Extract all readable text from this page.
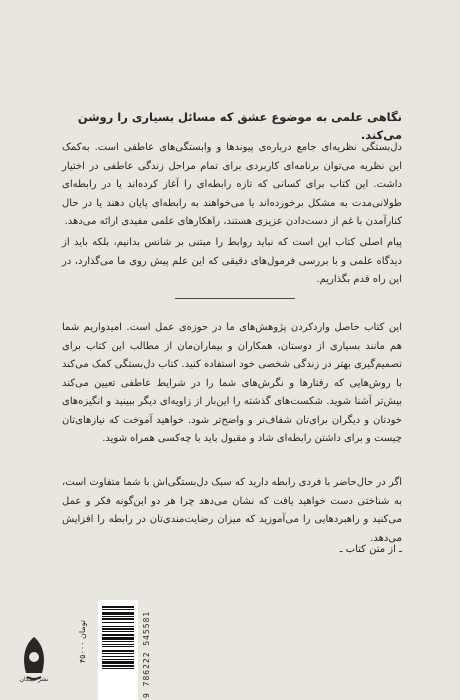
نگاهی علمی به موضوع عشق که مسائل بسیاری را روشن می‌کند.

دل‌بستگی نظریه‌ای جامع درباره‌ی پیوندها و وابستگی‌های عاطفی است. به‌کمک این نظریه می‌توان برنامه‌ای کاربردی برای تمام مراحل زندگی عاطفی در اختیار داشت. این کتاب برای کسانی که تازه رابطه‌ای را آغاز کرده‌اند یا در رابطه‌ای طولانی‌مدت به مشکل برخورده‌اند یا می‌خواهند به رابطه‌ای پایان دهند یا در حال کنارآمدن با غم از دست‌دادن عزیزی هستند، راهکارهای علمی مفیدی ارائه می‌دهد.

پیام اصلی کتاب این است که نباید روابط را مبتنی بر شانس بدانیم، بلکه باید از دیدگاه علمی و با بررسی فرمول‌های دقیقی که این علم پیش روی ما می‌گذارد، در این راه قدم بگذاریم.

این کتاب حاصل واردکردن پژوهش‌های ما در حوزه‌ی عمل است. امیدواریم شما هم مانند بسیاری از دوستان، همکاران و بیماران‌مان از مطالب این کتاب برای تصمیم‌گیری بهتر در زندگی شخصی خود استفاده کنید. کتاب دل‌بستگی کمک می‌کند با روش‌هایی که رفتارها و نگرش‌های شما را در شرایط عاطفی تعیین می‌کند بیش‌تر آشنا شوید. شکست‌های گذشته را این‌بار از زاویه‌ای دیگر ببینید و انگیزه‌های خودتان و دیگران برای‌تان شفاف‌تر و واضح‌تر شود. خواهید آموخت که نیازهای‌تان چیست و برای داشتن رابطه‌ای شاد و مقبول باید با چه‌کسی همراه شوید.

اگر در حال‌حاضر با فردی رابطه دارید که سبک دل‌بستگی‌اش با شما متفاوت است، به شناختی دست خواهید یافت که نشان می‌دهد چرا هر دو این‌گونه فکر و عمل می‌کنید و راهبردهایی را می‌آموزید که میزان رضایت‌مندی‌تان در رابطه را افزایش می‌دهد.

ـ از متن کتاب ـ
۴۵۰۰۰ تومان	9 786222 545581
نشر میلکان
